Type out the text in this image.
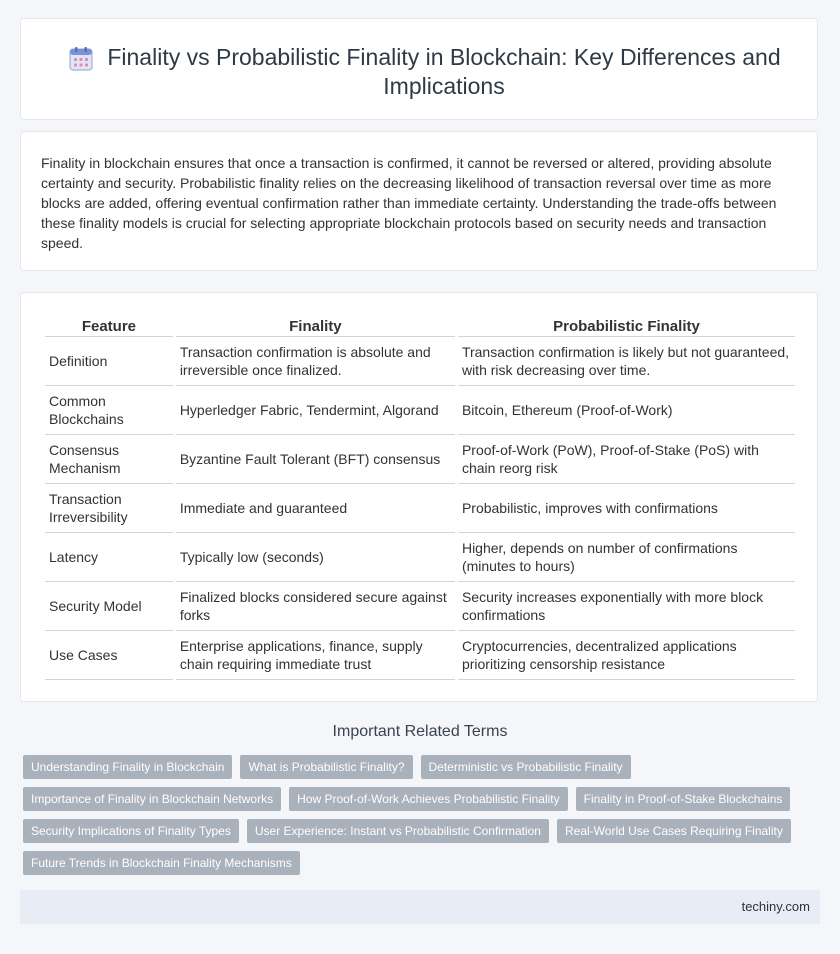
Finality vs Probabilistic Finality in Blockchain: Key Differences and Implications

Finality in blockchain ensures that once a transaction is confirmed, it cannot be reversed or altered, providing absolute certainty and security. Probabilistic finality relies on the decreasing likelihood of transaction reversal over time as more blocks are added, offering eventual confirmation rather than immediate certainty. Understanding the trade-offs between these finality models is crucial for selecting appropriate blockchain protocols based on security needs and transaction speed.

Feature	Finality	Probabilistic Finality
Definition	Transaction confirmation is absolute and irreversible once finalized.	Transaction confirmation is likely but not guaranteed, with risk decreasing over time.
Common Blockchains	Hyperledger Fabric, Tendermint, Algorand	Bitcoin, Ethereum (Proof-of-Work)
Consensus Mechanism	Byzantine Fault Tolerant (BFT) consensus	Proof-of-Work (PoW), Proof-of-Stake (PoS) with chain reorg risk
Transaction Irreversibility	Immediate and guaranteed	Probabilistic, improves with confirmations
Latency	Typically low (seconds)	Higher, depends on number of confirmations (minutes to hours)
Security Model	Finalized blocks considered secure against forks	Security increases exponentially with more block confirmations
Use Cases	Enterprise applications, finance, supply chain requiring immediate trust	Cryptocurrencies, decentralized applications prioritizing censorship resistance
Important Related Terms
Understanding Finality in Blockchain	What is Probabilistic Finality?	Deterministic vs Probabilistic Finality
Importance of Finality in Blockchain Networks	How Proof-of-Work Achieves Probabilistic Finality	Finality in Proof-of-Stake Blockchains
Security Implications of Finality Types	User Experience: Instant vs Probabilistic Confirmation	Real-World Use Cases Requiring Finality
Future Trends in Blockchain Finality Mechanisms
techiny.com
